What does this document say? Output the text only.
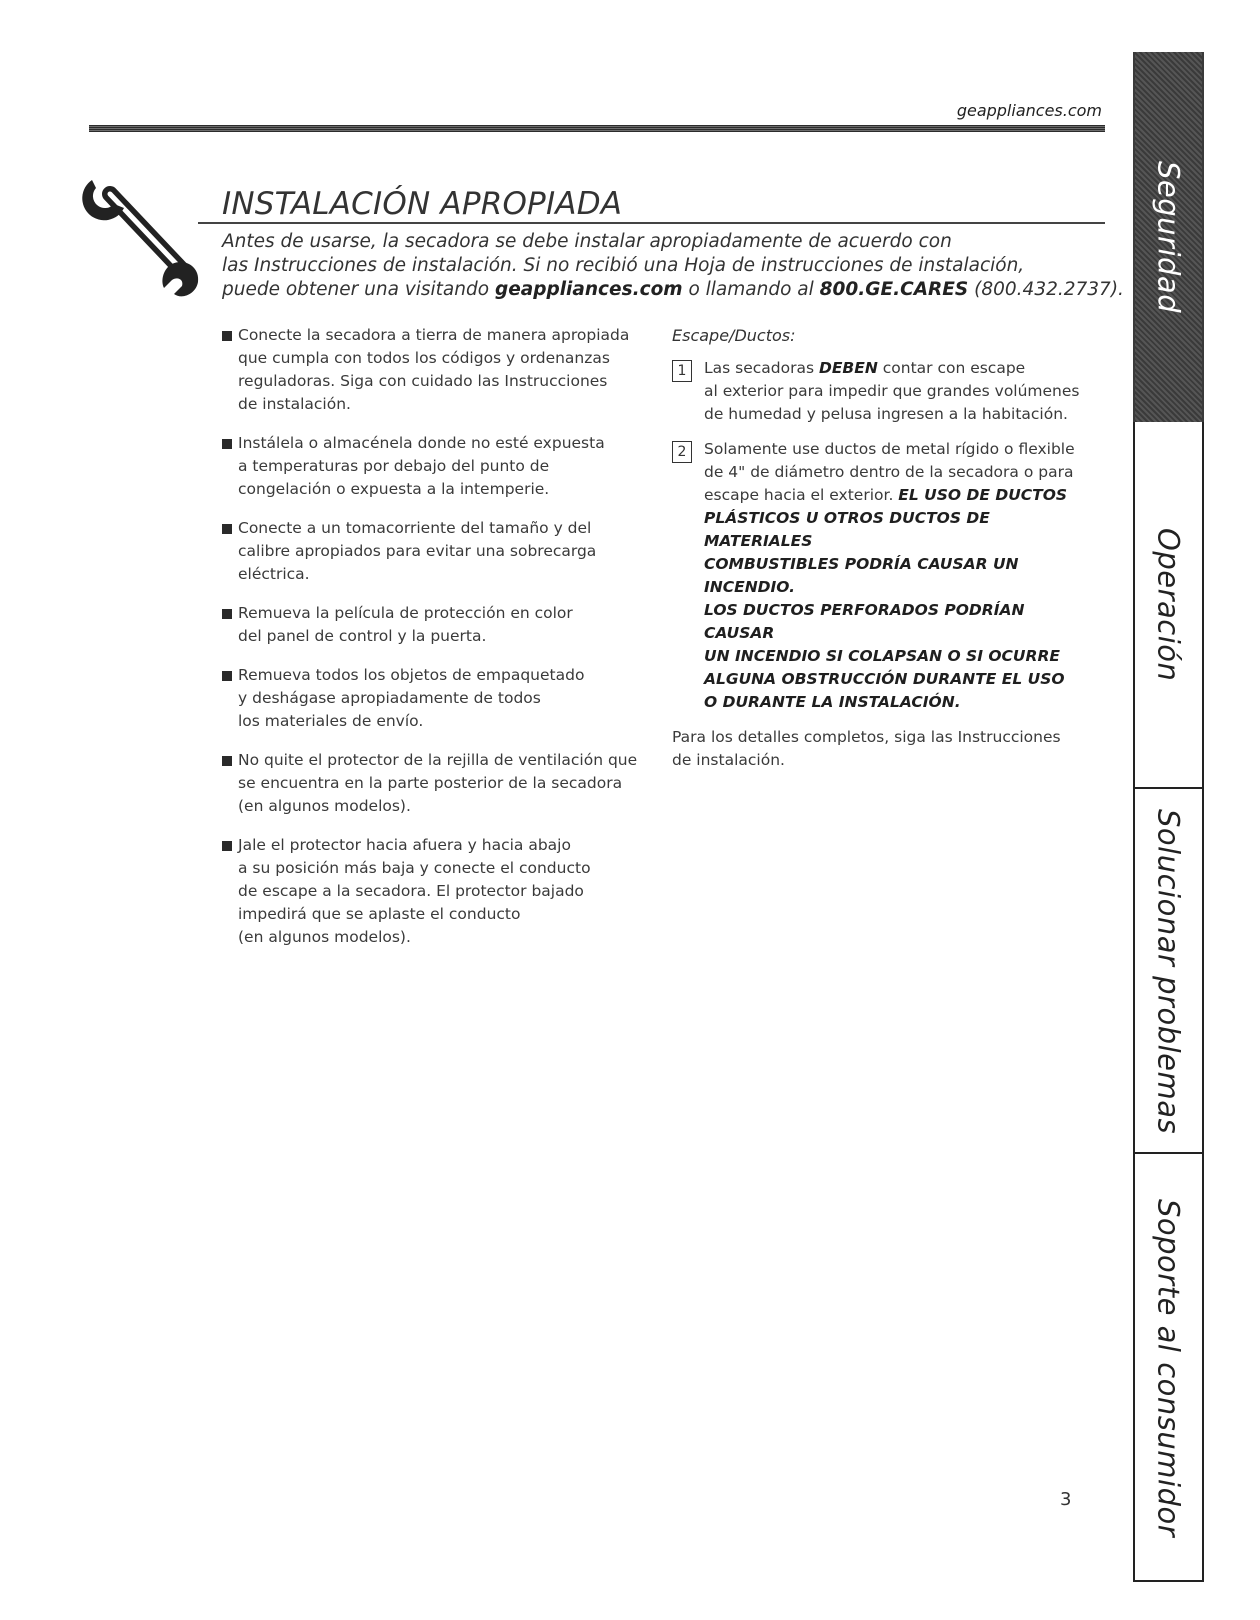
geappliances.com
INSTALACIÓN APROPIADA

Antes de usarse, la secadora se debe instalar apropiadamente de acuerdo con
las Instrucciones de instalación. Si no recibió una Hoja de instrucciones de instalación,
puede obtener una visitando geappliances.com o llamando al 800.GE.CARES (800.432.2737).

Conecte la secadora a tierra de manera apropiada
que cumpla con todos los códigos y ordenanzas
reguladoras. Siga con cuidado las Instrucciones
de instalación.
Instálela o almacénela donde no esté expuesta
a temperaturas por debajo del punto de
congelación o expuesta a la intemperie.
Conecte a un tomacorriente del tamaño y del
calibre apropiados para evitar una sobrecarga
eléctrica.
Remueva la película de protección en color
del panel de control y la puerta.
Remueva todos los objetos de empaquetado
y deshágase apropiadamente de todos
los materiales de envío.
No quite el protector de la rejilla de ventilación que
se encuentra en la parte posterior de la secadora
(en algunos modelos).
Jale el protector hacia afuera y hacia abajo
a su posición más baja y conecte el conducto
de escape a la secadora. El protector bajado
impedirá que se aplaste el conducto
(en algunos modelos).

Escape/Ductos:

1	Las secadoras DEBEN contar con escape
al exterior para impedir que grandes volúmenes
de humedad y pelusa ingresen a la habitación.
2	Solamente use ductos de metal rígido o flexible
de 4" de diámetro dentro de la secadora o para
escape hacia el exterior. EL USO DE DUCTOS
PLÁSTICOS U OTROS DUCTOS DE MATERIALES
COMBUSTIBLES PODRÍA CAUSAR UN INCENDIO.
LOS DUCTOS PERFORADOS PODRÍAN CAUSAR
UN INCENDIO SI COLAPSAN O SI OCURRE
ALGUNA OBSTRUCCIÓN DURANTE EL USO
O DURANTE LA INSTALACIÓN.
Para los detalles completos, siga las Instrucciones
de instalación.
3
Seguridad
Operación
Solucionar problemas
Soporte al consumidor
